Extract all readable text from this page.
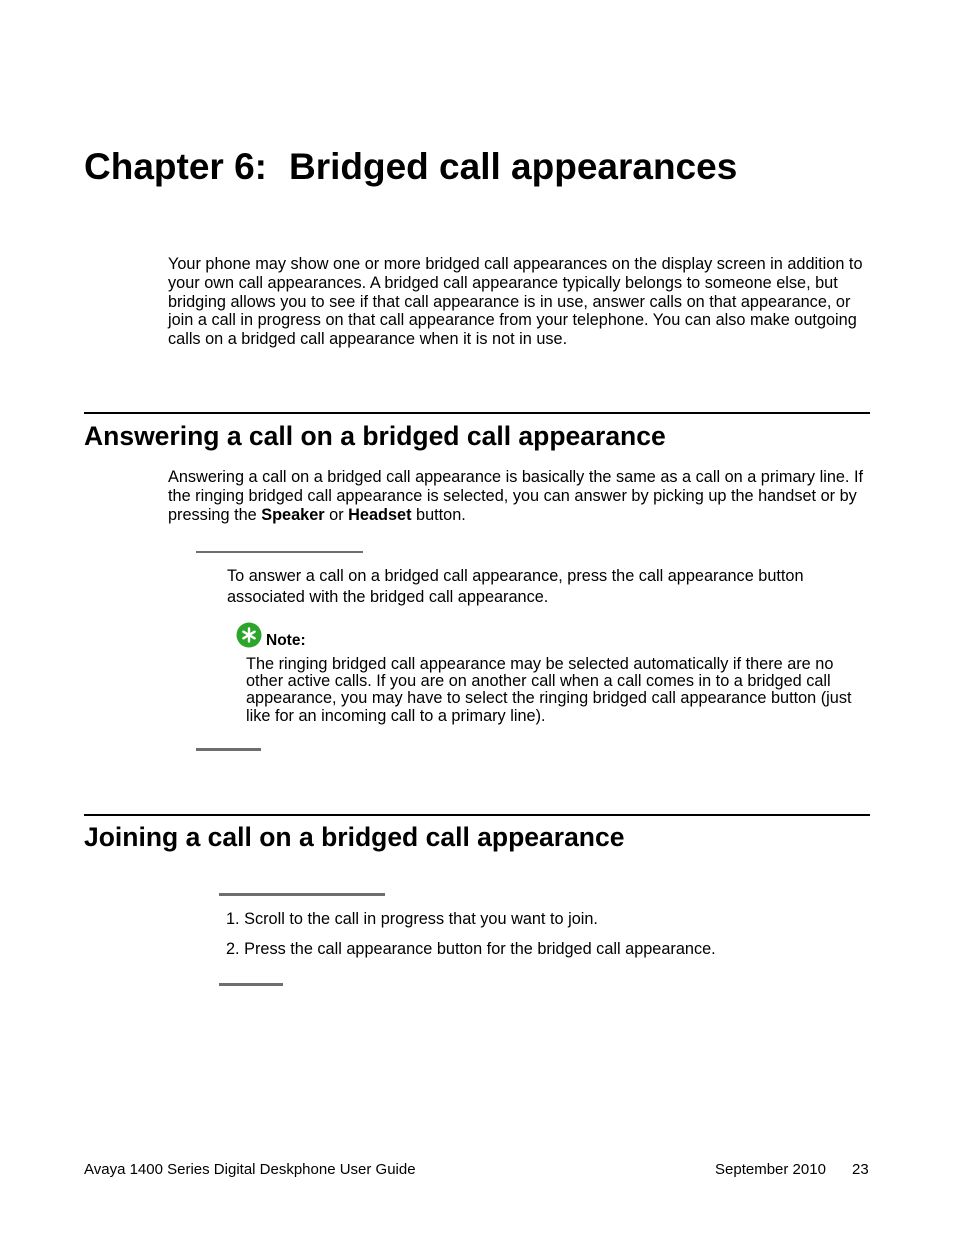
Chapter 6: Bridged call appearances

Your phone may show one or more bridged call appearances on the display screen in addition to your own call appearances. A bridged call appearance typically belongs to someone else, but bridging allows you to see if that call appearance is in use, answer calls on that appearance, or join a call in progress on that call appearance from your telephone. You can also make outgoing calls on a bridged call appearance when it is not in use.

Answering a call on a bridged call appearance

Answering a call on a bridged call appearance is basically the same as a call on a primary line. If the ringing bridged call appearance is selected, you can answer by picking up the handset or by pressing the Speaker or Headset button.

To answer a call on a bridged call appearance, press the call appearance button associated with the bridged call appearance.

Note:

The ringing bridged call appearance may be selected automatically if there are no other active calls. If you are on another call when a call comes in to a bridged call appearance, you may have to select the ringing bridged call appearance button (just like for an incoming call to a primary line).

Joining a call on a bridged call appearance
1. Scroll to the call in progress that you want to join.
2. Press the call appearance button for the bridged call appearance.

Avaya 1400 Series Digital Deskphone User Guide	September 2010 23
